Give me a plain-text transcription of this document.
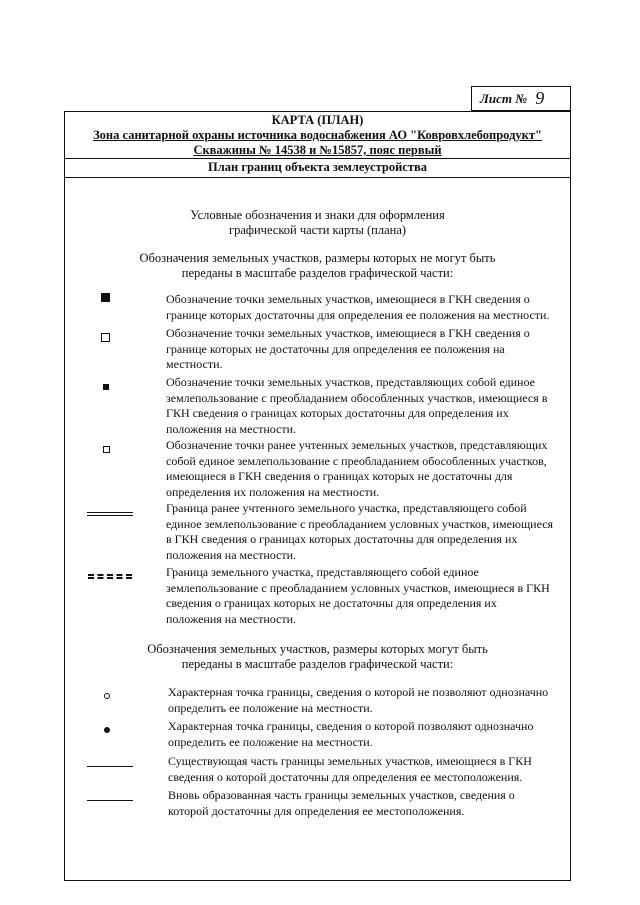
Лист № 9
КАРТА (ПЛАН)
Зона санитарной охраны источника водоснабжения АО "Ковровхлебопродукт"
Скважины № 14538 и №15857, пояс первый
План границ объекта землеустройства
Условные обозначения и знаки для оформления
графической части карты (плана)
Обозначения земельных участков, размеры которых не могут быть
переданы в масштабе разделов графической части:
Обозначение точки земельных участков, имеющиеся в ГКН сведения о
границе которых достаточны для определения ее положения на местности.
Обозначение точки земельных участков, имеющиеся в ГКН сведения о
границе которых не достаточны для определения ее положения на
местности.
Обозначение точки земельных участков, представляющих собой единое
землепользование с преобладанием обособленных участков, имеющиеся в
ГКН сведения о границах которых достаточны для определения их
положения на местности.
Обозначение точки ранее учтенных земельных участков, представляющих
собой единое землепользование с преобладанием обособленных участков,
имеющиеся в ГКН сведения о границах которых не достаточны для
определения их положения на местности.
Граница ранее учтенного земельного участка, представляющего собой
единое землепользование с преобладанием условных участков, имеющиеся
в ГКН сведения о границах которых достаточны для определения их
положения на местности.
Граница земельного участка, представляющего собой единое
землепользование с преобладанием условных участков, имеющиеся в ГКН
сведения о границах которых не достаточны для определения их
положения на местности.
Обозначения земельных участков, размеры которых могут быть
переданы в масштабе разделов графической части:
Характерная точка границы, сведения о которой не позволяют однозначно
определить ее положение на местности.
Характерная точка границы, сведения о которой позволяют однозначно
определить ее положение на местности.
Существующая часть границы земельных участков, имеющиеся в ГКН
сведения о которой достаточны для определения ее местоположения.
Вновь образованная часть границы земельных участков, сведения о
которой достаточны для определения ее местоположения.
